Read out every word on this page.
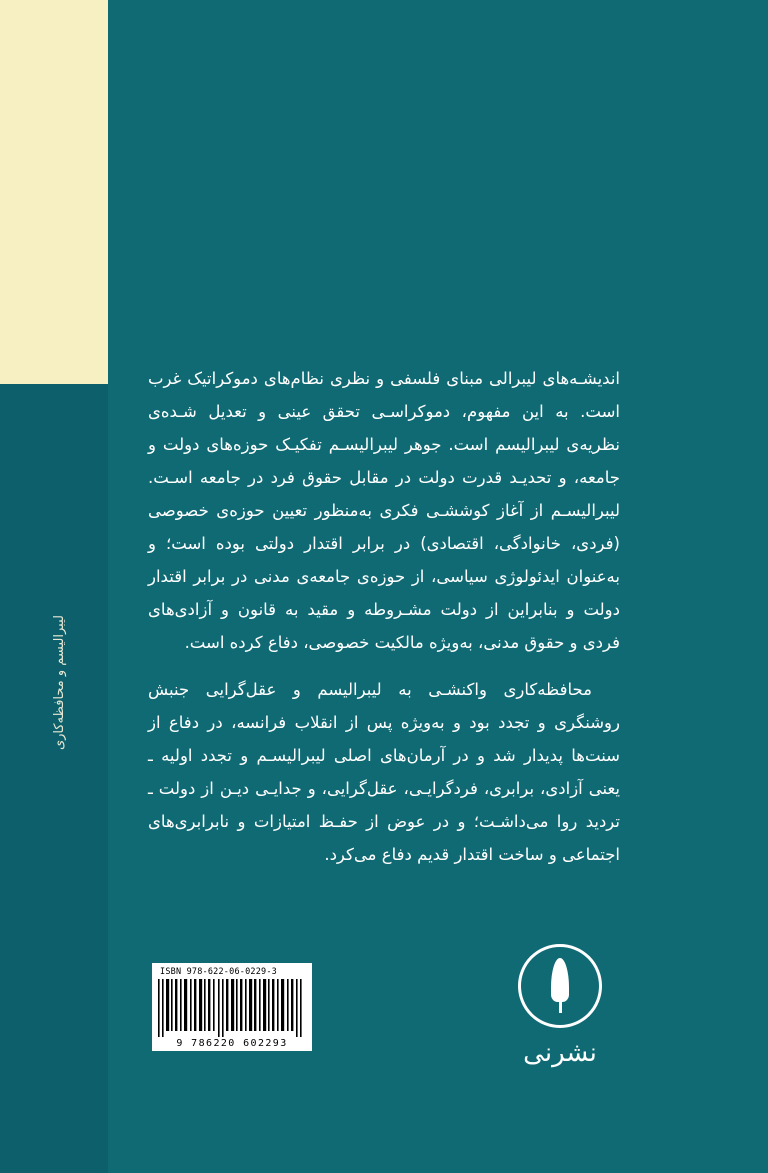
لیبرالیسم و محافظه‌کاری

اندیشـه‌های لیبرالی مبنای فلسفی و نظری نظام‌های دموکراتیک غرب است. به این مفهوم، دموکراسـی تحقق عینی و تعدیل شـده‌ی نظریه‌ی لیبرالیسم است. جوهر لیبرالیسـم تفکیـک حوزه‌های دولت و جامعه، و تحدیـد قدرت دولت در مقابل حقوق فرد در جامعه اسـت. لیبرالیسـم از آغاز کوششـی فکری به‌منظور تعیین حوزه‌ی خصوصی (فردی، خانوادگی، اقتصادی) در برابر اقتدار دولتی بوده است؛ و به‌عنوان ایدئولوژی سیاسی، از حوزه‌ی جامعه‌ی مدنی در برابر اقتدار دولت و بنابراین از دولت مشـروطه و مقید به قانون و آزادی‌های فردی و حقوق مدنی، به‌ویژه مالکیت خصوصی، دفاع کرده است.

محافظه‌کاری واکنشـی به لیبرالیسم و عقل‌گرایی جنبش روشنگری و تجدد بود و به‌ویژه پس از انقلاب فرانسه، در دفاع از سنت‌ها پدیدار شد و در آرمان‌های اصلی لیبرالیسـم و تجدد اولیه ـ یعنی آزادی، برابری، فردگرایـی، عقل‌گرایی، و جدایـی دیـن از دولت ـ تردید روا می‌داشـت؛ و در عوض از حفـظ امتیازات و نابرابری‌های اجتماعی و ساخت اقتدار قدیم دفاع می‌کرد.

ISBN 978-622-06-0229-3
9 786220 602293	نشرنی
